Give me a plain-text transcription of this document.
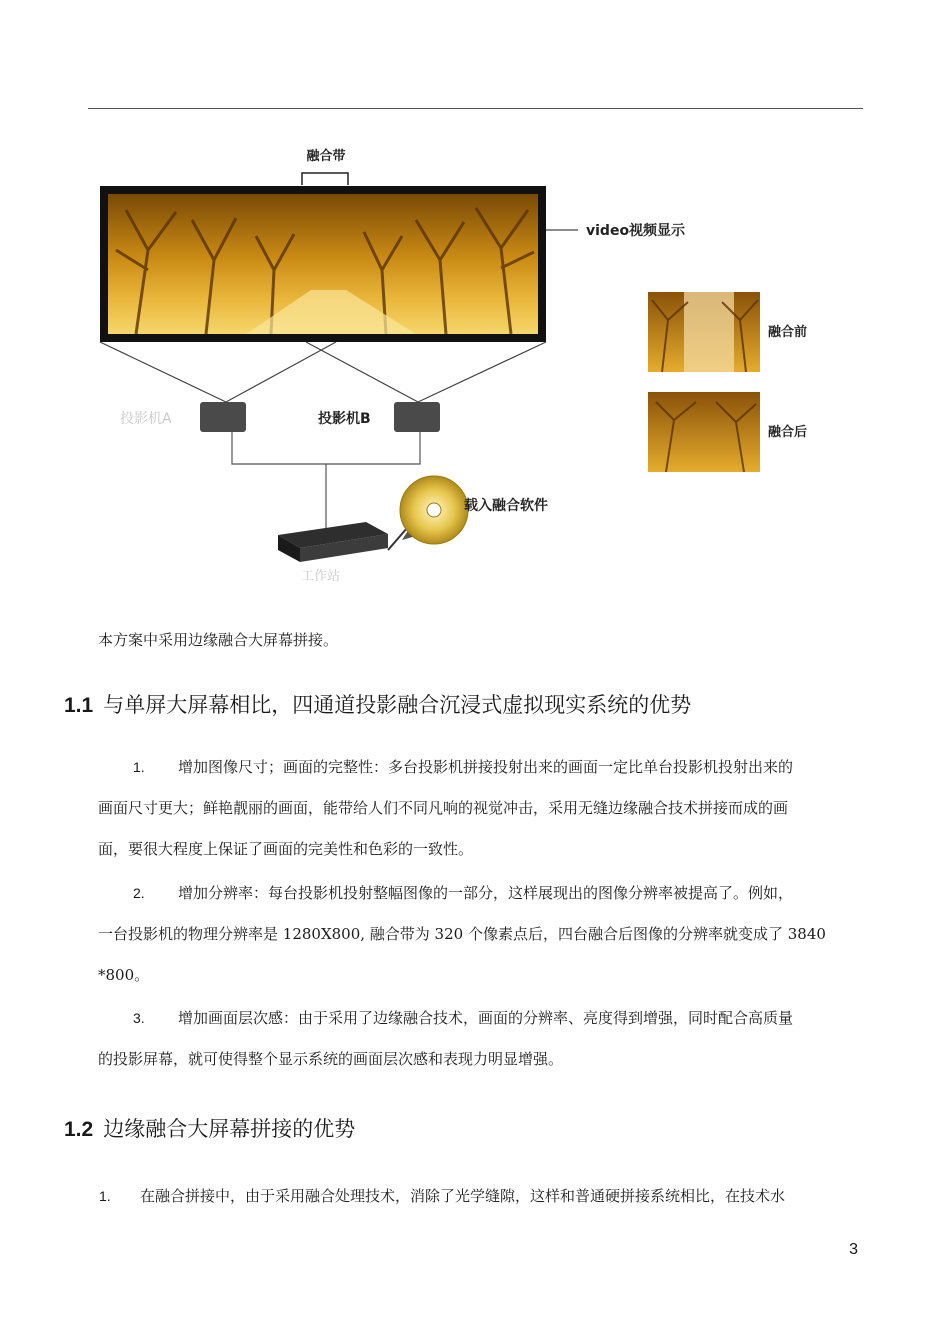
融合带
video视频显示
投影机A	投影机B
工作站
载入融合软件
融合前
融合后
本方案中采用边缘融合大屏幕拼接。
1.1 与单屏大屏幕相比，四通道投影融合沉浸式虚拟现实系统的优势
1. 增加图像尺寸；画面的完整性：多台投影机拼接投射出来的画面一定比单台投影机投射出来的
画面尺寸更大；鲜艳靓丽的画面，能带给人们不同凡响的视觉冲击，采用无缝边缘融合技术拼接而成的画
面，要很大程度上保证了画面的完美性和色彩的一致性。
2. 增加分辨率：每台投影机投射整幅图像的一部分，这样展现出的图像分辨率被提高了。例如，
一台投影机的物理分辨率是 1280X800, 融合带为 320 个像素点后，四台融合后图像的分辨率就变成了 3840
*800。
3. 增加画面层次感：由于采用了边缘融合技术，画面的分辨率、亮度得到增强，同时配合高质量
的投影屏幕，就可使得整个显示系统的画面层次感和表现力明显增强。
1.2 边缘融合大屏幕拼接的优势
1. 在融合拼接中，由于采用融合处理技术，消除了光学缝隙，这样和普通硬拼接系统相比，在技术水
3
